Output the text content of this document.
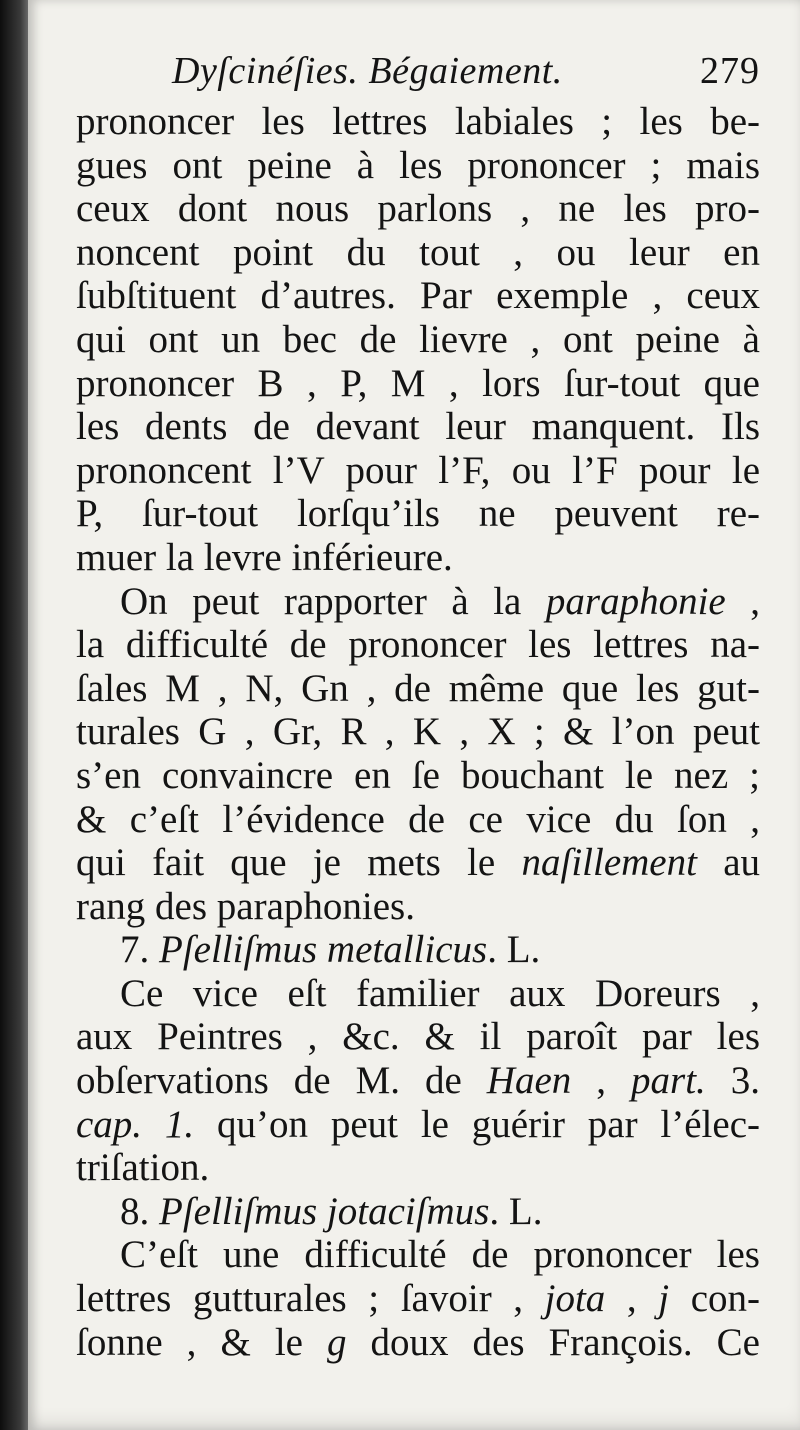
Dyſcinéſies. Bégaiement.	279
prononcer les lettres labiales ; les be-
gues ont peine à les prononcer ; mais
ceux dont nous parlons , ne les pro-
noncent point du tout , ou leur en
ſubſtituent d’autres. Par exemple , ceux
qui ont un bec de lievre , ont peine à
prononcer B , P, M , lors ſur-tout que
les dents de devant leur manquent. Ils
prononcent l’V pour l’F, ou l’F pour le
P, ſur-tout lorſqu’ils ne peuvent re-
muer la levre inférieure.
On peut rapporter à la paraphonie ,
la difficulté de prononcer les lettres na-
ſales M , N, Gn , de même que les gut-
turales G , Gr, R , K , X ; & l’on peut
s’en convaincre en ſe bouchant le nez ;
& c’eſt l’évidence de ce vice du ſon ,
qui fait que je mets le naſillement au
rang des paraphonies.
7. Pſelliſmus metallicus. L.
Ce vice eſt familier aux Doreurs ,
aux Peintres , &c. & il paroît par les
obſervations de M. de Haen , part. 3.
cap. 1. qu’on peut le guérir par l’élec-
triſation.
8. Pſelliſmus jotaciſmus. L.
C’eſt une difficulté de prononcer les
lettres gutturales ; ſavoir , jota , j con-
ſonne , & le g doux des François. Ce
